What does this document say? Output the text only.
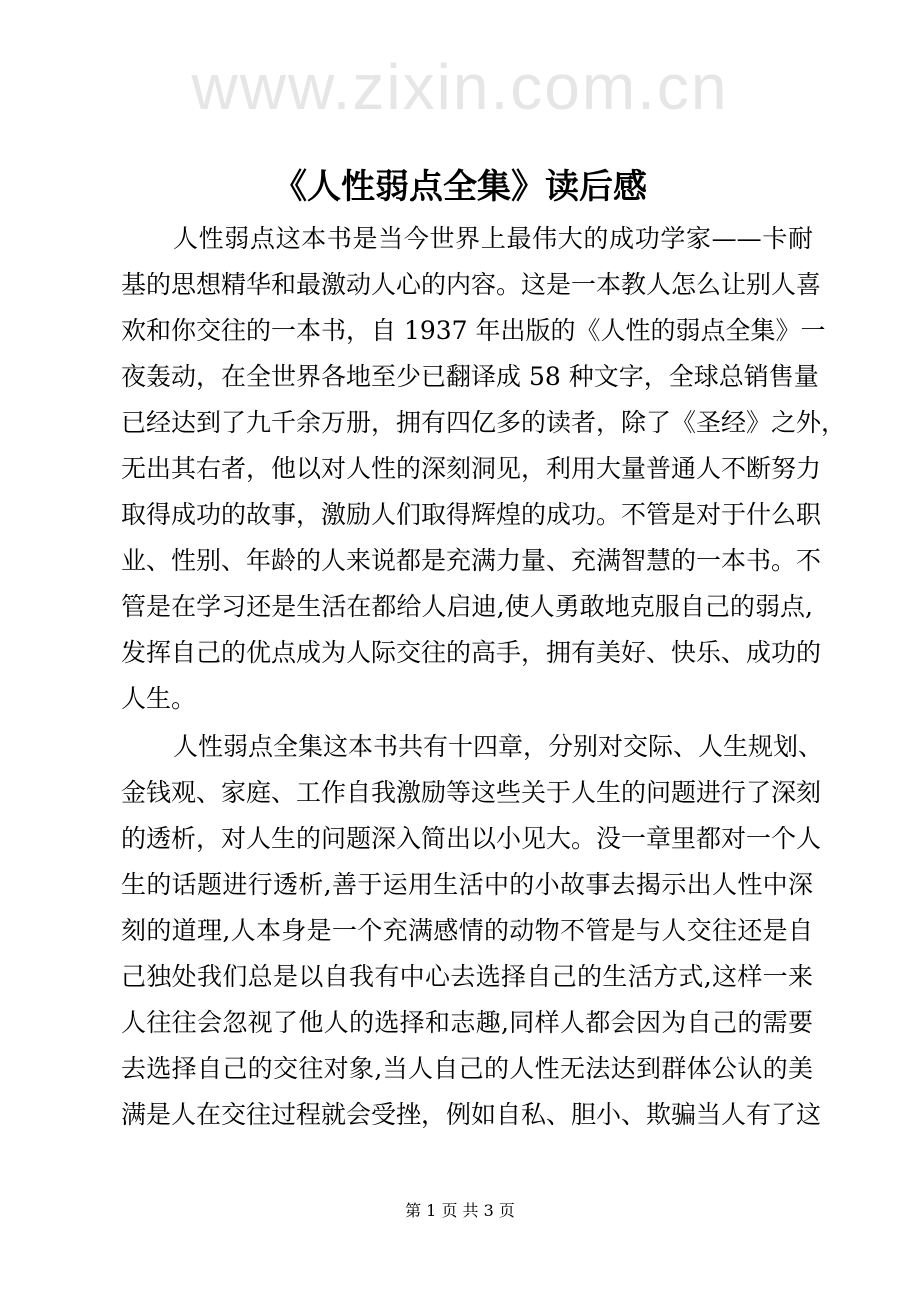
www.zixin.com.cn
《人性弱点全集》读后感
人性弱点这本书是当今世界上最伟大的成功学家——卡耐
基的思想精华和最激动人心的内容。这是一本教人怎么让别人喜
欢和你交往的一本书，自 1937 年出版的《人性的弱点全集》一
夜轰动，在全世界各地至少已翻译成 58 种文字，全球总销售量
已经达到了九千余万册，拥有四亿多的读者，除了《圣经》之外，
无出其右者，他以对人性的深刻洞见，利用大量普通人不断努力
取得成功的故事，激励人们取得辉煌的成功。不管是对于什么职
业、性别、年龄的人来说都是充满力量、充满智慧的一本书。不
管是在学习还是生活在都给人启迪,使人勇敢地克服自己的弱点,
发挥自己的优点成为人际交往的高手，拥有美好、快乐、成功的
人生。
人性弱点全集这本书共有十四章，分别对交际、人生规划、
金钱观、家庭、工作自我激励等这些关于人生的问题进行了深刻
的透析，对人生的问题深入简出以小见大。没一章里都对一个人
生的话题进行透析,善于运用生活中的小故事去揭示出人性中深
刻的道理,人本身是一个充满感情的动物不管是与人交往还是自
己独处我们总是以自我有中心去选择自己的生活方式,这样一来
人往往会忽视了他人的选择和志趣,同样人都会因为自己的需要
去选择自己的交往对象,当人自己的人性无法达到群体公认的美
满是人在交往过程就会受挫，例如自私、胆小、欺骗当人有了这
第 1 页 共 3 页
